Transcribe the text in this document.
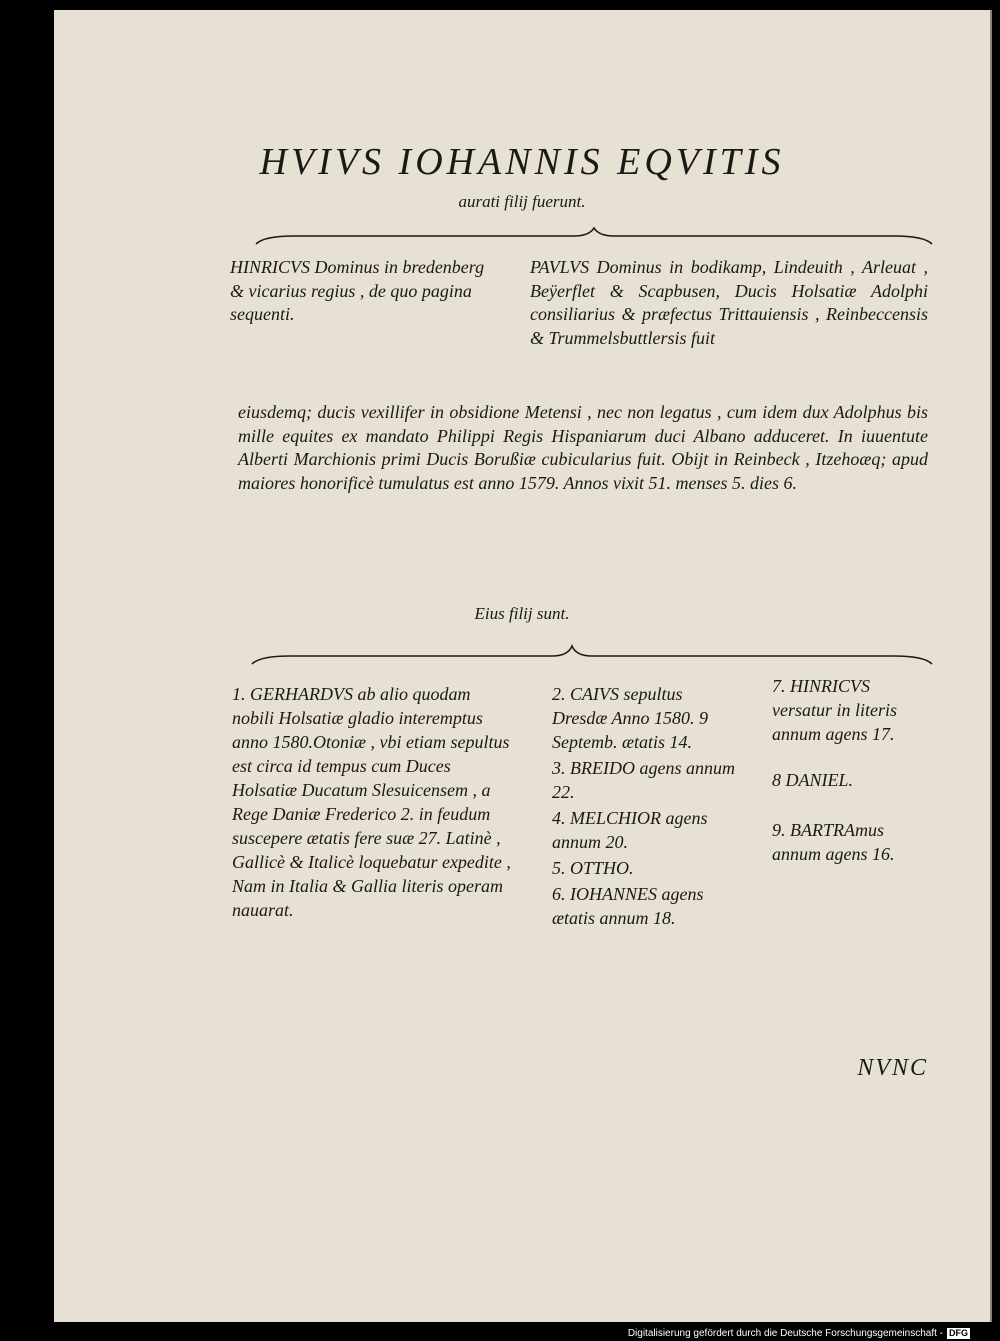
HVIVS IOHANNIS EQVITIS
aurati filij fuerunt.
HINRICVS Dominus in bredenberg & vicarius regius , de quo pagina sequenti.
PAVLVS Dominus in bodikamp, Lindeuith , Arleuat , Beÿerflet & Scapbusen, Ducis Holsatiæ Adolphi consiliarius & præfectus Trittauiensis , Reinbeccensis & Trummelsbuttlersis fuit
eiusdemq; ducis vexillifer in obsidione Metensi , nec non legatus , cum idem dux Adolphus bis mille equites ex mandato Philippi Regis Hispaniarum duci Albano adduceret. In iuuentute Alberti Marchionis primi Ducis Borußiæ cubicularius fuit. Obijt in Reinbeck , Itzehoæq; apud maiores honorificè tumulatus est anno 1579. Annos vixit 51. menses 5. dies 6.
Eius filij sunt.

1. GERHARDVS ab alio quodam nobili Holsatiæ gladio interemptus anno 1580.Otoniæ , vbi etiam sepultus est circa id tempus cum Duces Holsatiæ Ducatum Slesuicensem , a Rege Daniæ Frederico 2. in feudum suscepere ætatis fere suæ 27. Latinè , Gallicè & Italicè loquebatur expedite , Nam in Italia & Gallia literis operam nauarat.

2. CAIVS sepultus Dresdæ Anno 1580. 9 Septemb. ætatis 14.

3. BREIDO agens annum 22.

4. MELCHIOR agens annum 20.

5. OTTHO.

6. IOHANNES agens ætatis annum 18.

7. HINRICVS versatur in literis annum agens 17.

8 DANIEL.

9. BARTRAmus annum agens 16.

NVNC
Digitalisierung gefördert durch die Deutsche Forschungsgemeinschaft - DFG
